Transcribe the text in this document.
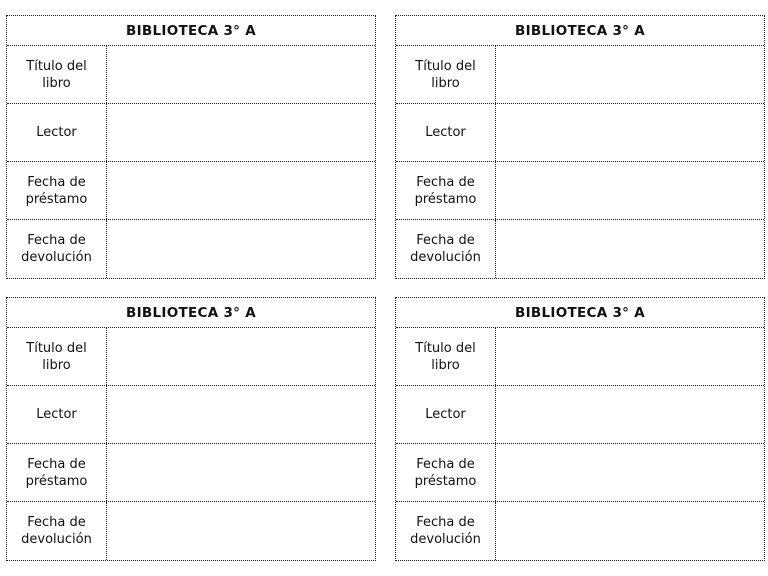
BIBLIOTECA 3° A
Título del
libro
Lector
Fecha de
préstamo
Fecha de
devolución
BIBLIOTECA 3° A
Título del
libro
Lector
Fecha de
préstamo
Fecha de
devolución
BIBLIOTECA 3° A
Título del
libro
Lector
Fecha de
préstamo
Fecha de
devolución
BIBLIOTECA 3° A
Título del
libro
Lector
Fecha de
préstamo
Fecha de
devolución
